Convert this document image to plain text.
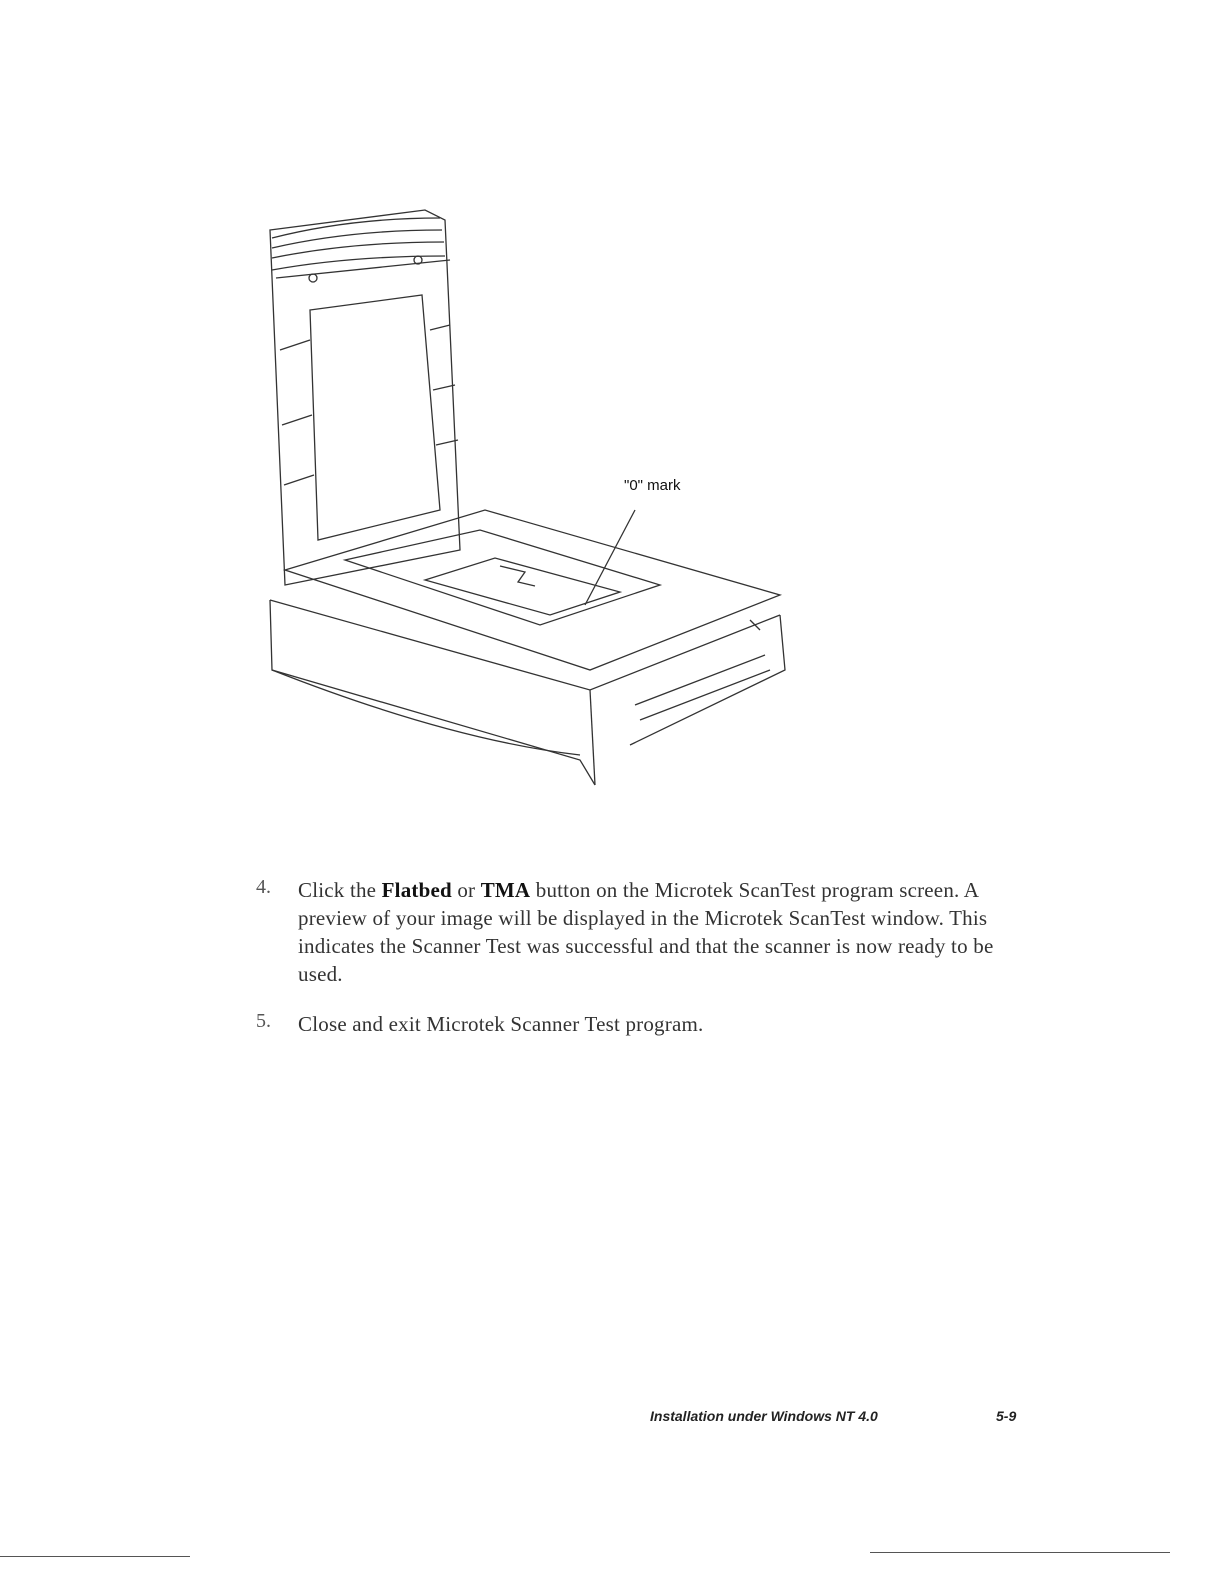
"0" mark
4.	Click the Flatbed or TMA button on the Microtek ScanTest program screen. A preview of your image will be displayed in the Microtek ScanTest window. This indicates the Scanner Test was successful and that the scanner is now ready to be used.
5.	Close and exit Microtek Scanner Test program.
Installation under Windows NT 4.0	5-9
